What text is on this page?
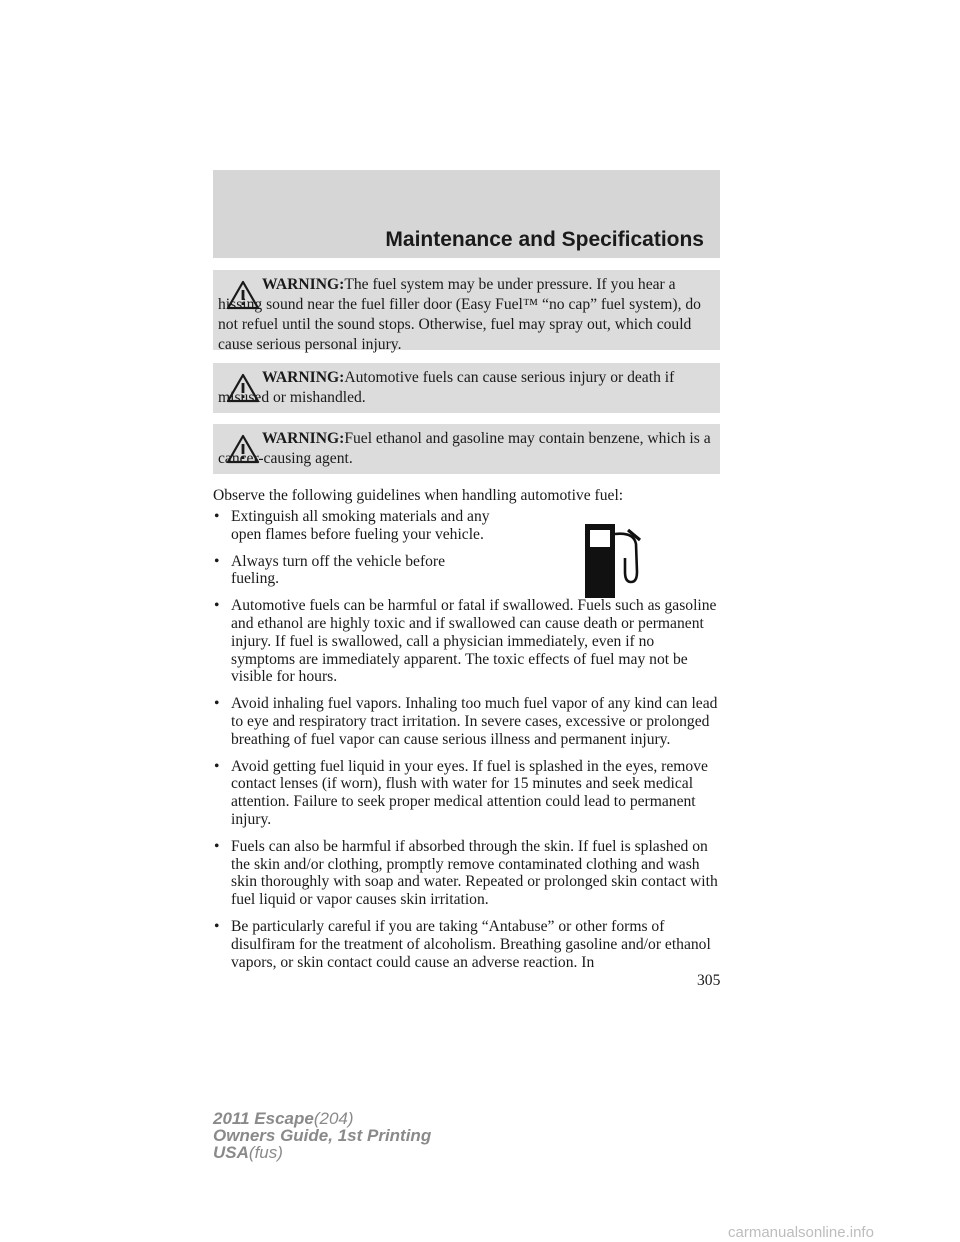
Maintenance and Specifications
WARNING:The fuel system may be under pressure. If you hear a hissing sound near the fuel filler door (Easy Fuel™ “no cap” fuel system), do not refuel until the sound stops. Otherwise, fuel may spray out, which could cause serious personal injury.
WARNING:Automotive fuels can cause serious injury or death if misused or mishandled.
WARNING:Fuel ethanol and gasoline may contain benzene, which is a cancer-causing agent.
Observe the following guidelines when handling automotive fuel:
• Extinguish all smoking materials and any open flames before fueling your vehicle.
• Always turn off the vehicle before fueling.
• Automotive fuels can be harmful or fatal if swallowed. Fuels such as gasoline and ethanol are highly toxic and if swallowed can cause death or permanent injury. If fuel is swallowed, call a physician immediately, even if no symptoms are immediately apparent. The toxic effects of fuel may not be visible for hours.
• Avoid inhaling fuel vapors. Inhaling too much fuel vapor of any kind can lead to eye and respiratory tract irritation. In severe cases, excessive or prolonged breathing of fuel vapor can cause serious illness and permanent injury.
• Avoid getting fuel liquid in your eyes. If fuel is splashed in the eyes, remove contact lenses (if worn), flush with water for 15 minutes and seek medical attention. Failure to seek proper medical attention could lead to permanent injury.
• Fuels can also be harmful if absorbed through the skin. If fuel is splashed on the skin and/or clothing, promptly remove contaminated clothing and wash skin thoroughly with soap and water. Repeated or prolonged skin contact with fuel liquid or vapor causes skin irritation.
• Be particularly careful if you are taking “Antabuse” or other forms of disulfiram for the treatment of alcoholism. Breathing gasoline and/or ethanol vapors, or skin contact could cause an adverse reaction. In
305
2011 Escape(204)
Owners Guide, 1st Printing
USA(fus)
carmanualsonline.info
